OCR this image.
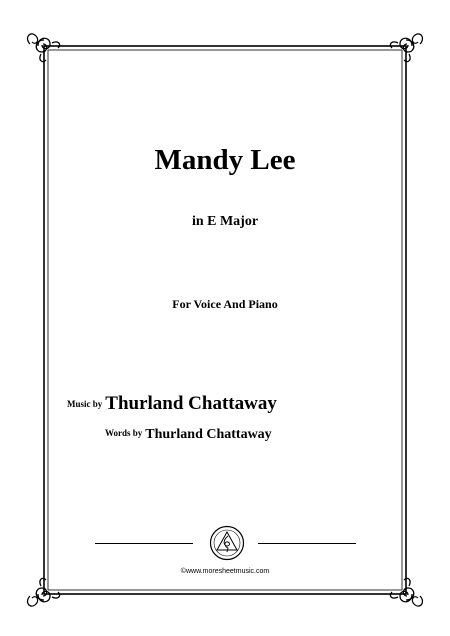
Mandy Lee
in E Major
For Voice And Piano
Music by Thurland Chattaway
Words by Thurland Chattaway
©www.moresheetmusic.com
